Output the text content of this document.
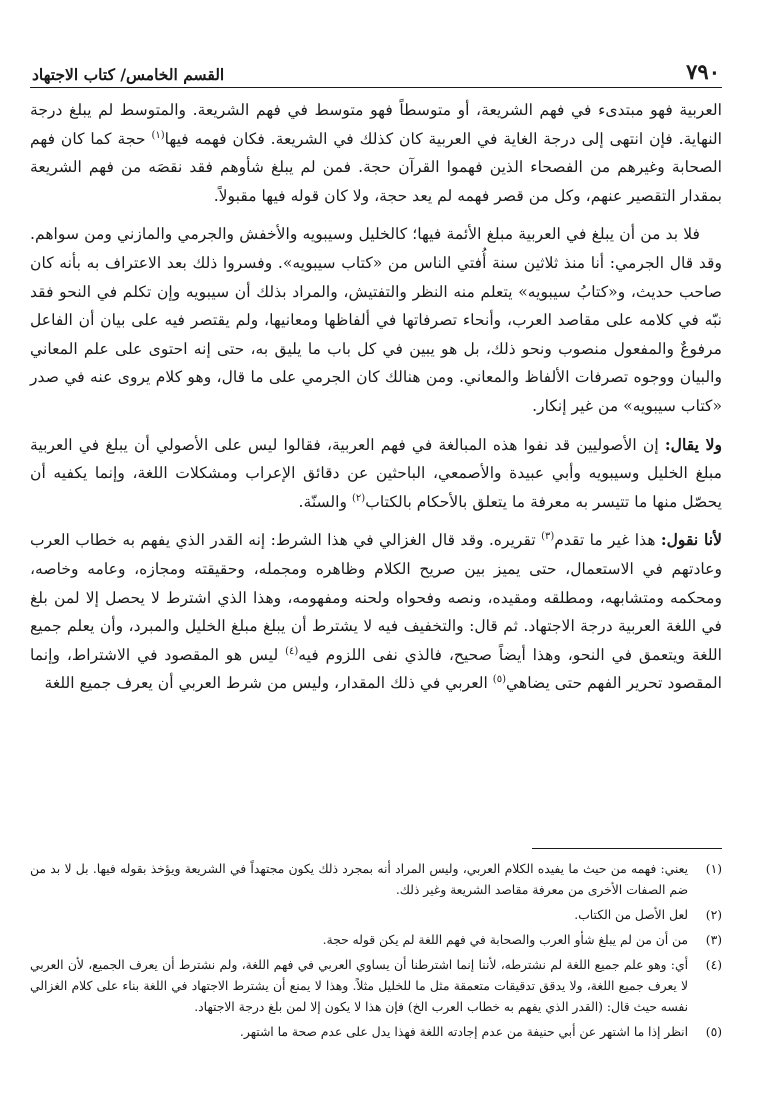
٧٩٠
القسم الخامس/ كتاب الاجتهاد

العربية فهو مبتدىء في فهم الشريعة، أو متوسطاً فهو متوسط في فهم الشريعة. والمتوسط لم يبلغ درجة النهاية. فإن انتهى إلى درجة الغاية في العربية كان كذلك في الشريعة. فكان فهمه فيها$^{(١)}$ حجة كما كان فهم الصحابة وغيرهم من الفصحاء الذين فهموا القرآن حجة. فمن لم يبلغ شأوهم فقد نقصَه من فهم الشريعة بمقدار التقصير عنهم، وكل من قصر فهمه لم يعد حجة، ولا كان قوله فيها مقبولاً.

فلا بد من أن يبلغ في العربية مبلغ الأئمة فيها؛ كالخليل وسيبويه والأخفش والجرمي والمازني ومن سواهم. وقد قال الجرمي: أنا منذ ثلاثين سنة أُفتي الناس من «كتاب سيبويه». وفسروا ذلك بعد الاعتراف به بأنه كان صاحب حديث، و«كتابُ سيبويه» يتعلم منه النظر والتفتيش، والمراد بذلك أن سيبويه وإن تكلم في النحو فقد نبّه في كلامه على مقاصد العرب، وأنحاء تصرفاتها في ألفاظها ومعانيها، ولم يقتصر فيه على بيان أن الفاعل مرفوعٌ والمفعول منصوب ونحو ذلك، بل هو يبين في كل باب ما يليق به، حتى إنه احتوى على علم المعاني والبيان ووجوه تصرفات الألفاظ والمعاني. ومن هنالك كان الجرمي على ما قال، وهو كلام يروى عنه في صدر «كتاب سيبويه» من غير إنكار.

ولا يقال: إن الأصوليين قد نفوا هذه المبالغة في فهم العربية، فقالوا ليس على الأصولي أن يبلغ في العربية مبلغ الخليل وسيبويه وأبي عبيدة والأصمعي، الباحثين عن دقائق الإعراب ومشكلات اللغة، وإنما يكفيه أن يحصّل منها ما تتيسر به معرفة ما يتعلق بالأحكام بالكتاب$^{(٢)}$ والسنّة.

لأنا نقول: هذا غير ما تقدم$^{(٣)}$ تقريره. وقد قال الغزالي في هذا الشرط: إنه القدر الذي يفهم به خطاب العرب وعادتهم في الاستعمال، حتى يميز بين صريح الكلام وظاهره ومجمله، وحقيقته ومجازه، وعامه وخاصه، ومحكمه ومتشابهه، ومطلقه ومقيده، ونصه وفحواه ولحنه ومفهومه، وهذا الذي اشترط لا يحصل إلا لمن بلغ في اللغة العربية درجة الاجتهاد. ثم قال: والتخفيف فيه لا يشترط أن يبلغ مبلغ الخليل والمبرد، وأن يعلم جميع اللغة ويتعمق في النحو، وهذا أيضاً صحيح، فالذي نفى اللزوم فيه$^{(٤)}$ ليس هو المقصود في الاشتراط، وإنما المقصود تحرير الفهم حتى يضاهي$^{(٥)}$ العربي في ذلك المقدار، وليس من شرط العربي أن يعرف جميع اللغة

(١)
يعني: فهمه من حيث ما يفيده الكلام العربي، وليس المراد أنه بمجرد ذلك يكون مجتهداً في الشريعة ويؤخذ بقوله فيها. بل لا بد من ضم الصفات الأخرى من معرفة مقاصد الشريعة وغير ذلك.
(٢)
لعل الأصل من الكتاب.
(٣)
من أن من لم يبلغ شأو العرب والصحابة في فهم اللغة لم يكن قوله حجة.
(٤)
أي: وهو علم جميع اللغة لم نشترطه، لأننا إنما اشترطنا أن يساوي العربي في فهم اللغة، ولم نشترط أن يعرف الجميع، لأن العربي لا يعرف جميع اللغة، ولا يدقق تدقيقات متعمقة مثل ما للخليل مثلاً. وهذا لا يمنع أن يشترط الاجتهاد في اللغة بناء على كلام الغزالي نفسه حيث قال: (القدر الذي يفهم به خطاب العرب الخ) فإن هذا لا يكون إلا لمن بلغ درجة الاجتهاد.
(٥)
انظر إذا ما اشتهر عن أبي حنيفة من عدم إجادته اللغة فهذا يدل على عدم صحة ما اشتهر.
